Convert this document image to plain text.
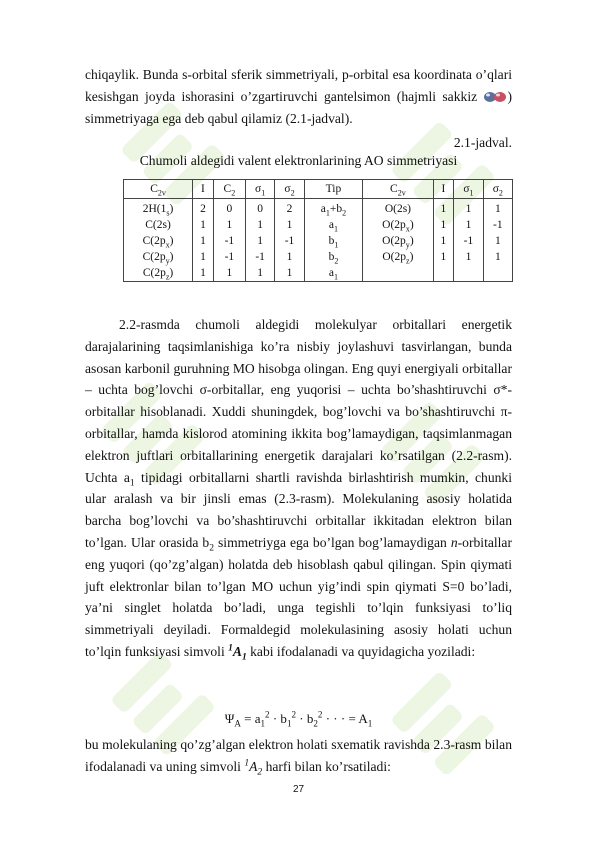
chiqaylik. Bunda s-orbital sferik simmetriyali, p-orbital esa koordinata o’qlari kesishgan joyda ishorasini o’zgartiruvchi gantelsimon (hajmli sakkiz ) simmetriyaga ega deb qabul qilamiz (2.1-jadval).

2.1-jadval.
Chumoli aldegidi valent elektronlarining AO simmetriyasi
$C_{2v}$	I	$C_2$	$\sigma_1$	$\sigma_2$	Tip	$C_{2v}$	I	$\sigma_1$	$\sigma_2$
$2H(1_s)$	2	0	0	2	$a_1+b_2$	O(2s)	1	1	1
C(2s)	1	1	1	1	$a_1$	$O(2p_x)$	1	1	-1
$C(2p_x)$	1	-1	1	-1	$b_1$	$O(2p_y)$	1	-1	1
$C(2p_y)$	1	-1	-1	1	$b_2$	$O(2p_z)$	1	1	1
$C(2p_z)$	1	1	1	1	$a_1$				

2.2-rasmda chumoli aldegidi molekulyar orbitallari energetik darajalarining taqsimlanishiga ko’ra nisbiy joylashuvi tasvirlangan, bunda asosan karbonil guruhning MO hisobga olingan. Eng quyi energiyali orbitallar – uchta bog’lovchi σ-orbitallar, eng yuqorisi – uchta bo’shashtiruvchi σ*-orbitallar hisoblanadi. Xuddi shuningdek, bog’lovchi va bo’shashtiruvchi π-orbitallar, hamda kislorod atomining ikkita bog’lamaydigan, taqsimlanmagan elektron juftlari orbitallarining energetik darajalari ko’rsatilgan (2.2-rasm). Uchta $a_1$ tipidagi orbitallarni shartli ravishda birlashtirish mumkin, chunki ular aralash va bir jinsli emas (2.3-rasm). Molekulaning asosiy holatida barcha bog’lovchi va bo’shashtiruvchi orbitallar ikkitadan elektron bilan to’lgan. Ular orasida $b_2$ simmetriyga ega bo’lgan bog’lamaydigan n-orbitallar eng yuqori (qo’zg’algan) holatda deb hisoblash qabul qilingan. Spin qiymati juft elektronlar bilan to’lgan MO uchun yig’indi spin qiymati S=0 bo’ladi, ya’ni singlet holatda bo’ladi, unga tegishli to’lqin funksiyasi to’liq simmetriyali deyiladi. Formaldegid molekulasining asosiy holati uchun to’lqin funksiyasi simvoli $^1A_1$ kabi ifodalanadi va quyidagicha yoziladi:

$\Psi_A = a_1^2 \cdot b_1^2 \cdot b_2^2$ · · · = $A_1$

bu molekulaning qo’zg’algan elektron holati sxematik ravishda 2.3-rasm bilan ifodalanadi va uning simvoli $^1A_2$ harfi bilan ko’rsatiladi:

27
